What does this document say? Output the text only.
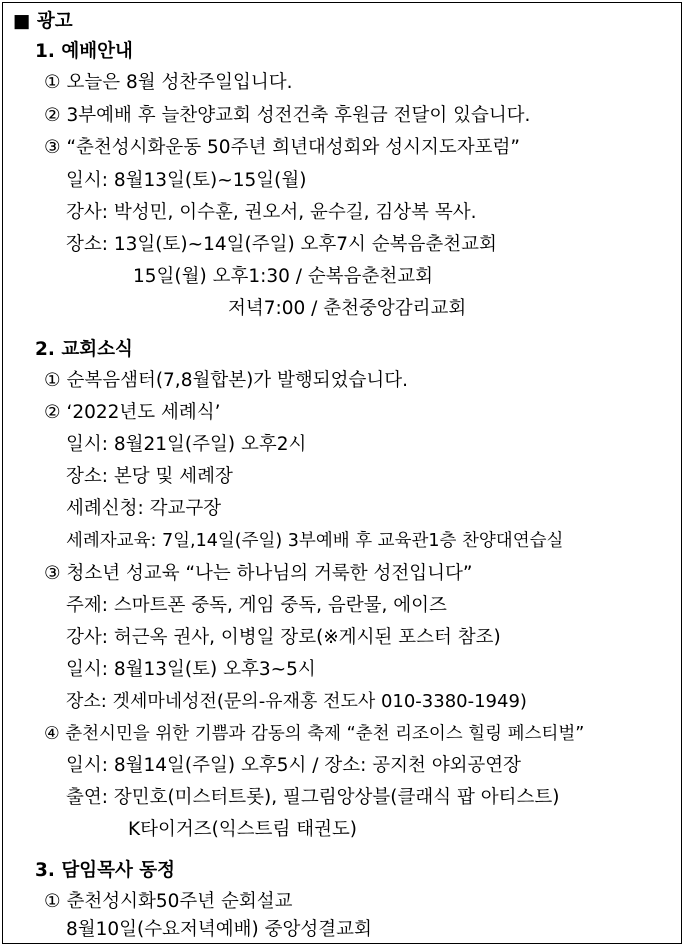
■ 광고
1. 예배안내
① 오늘은 8월 성찬주일입니다.
② 3부예배 후 늘찬양교회 성전건축 후원금 전달이 있습니다.
③ “춘천성시화운동 50주년 희년대성회와 성시지도자포럼”
일시: 8월13일(토)~15일(월)
강사: 박성민, 이수훈, 권오서, 윤수길, 김상복 목사.
장소: 13일(토)~14일(주일) 오후7시 순복음춘천교회
15일(월) 오후1:30 / 순복음춘천교회
저녁7:00 / 춘천중앙감리교회
2. 교회소식
① 순복음샘터(7,8월합본)가 발행되었습니다.
② ‘2022년도 세례식’
일시: 8월21일(주일) 오후2시
장소: 본당 및 세례장
세례신청: 각교구장
세례자교육: 7일,14일(주일) 3부예배 후 교육관1층 찬양대연습실
③ 청소년 성교육 “나는 하나님의 거룩한 성전입니다”
주제: 스마트폰 중독, 게임 중독, 음란물, 에이즈
강사: 허근옥 권사, 이병일 장로(※게시된 포스터 참조)
일시: 8월13일(토) 오후3~5시
장소: 겟세마네성전(문의-유재홍 전도사 010-3380-1949)
④ 춘천시민을 위한 기쁨과 감동의 축제 “춘천 리조이스 힐링 페스티벌”
일시: 8월14일(주일) 오후5시 / 장소: 공지천 야외공연장
출연: 장민호(미스터트롯), 필그림앙상블(클래식 팝 아티스트)
K타이거즈(익스트림 태권도)
3. 담임목사 동정
① 춘천성시화50주년 순회설교
8월10일(수요저녁예배) 중앙성결교회
